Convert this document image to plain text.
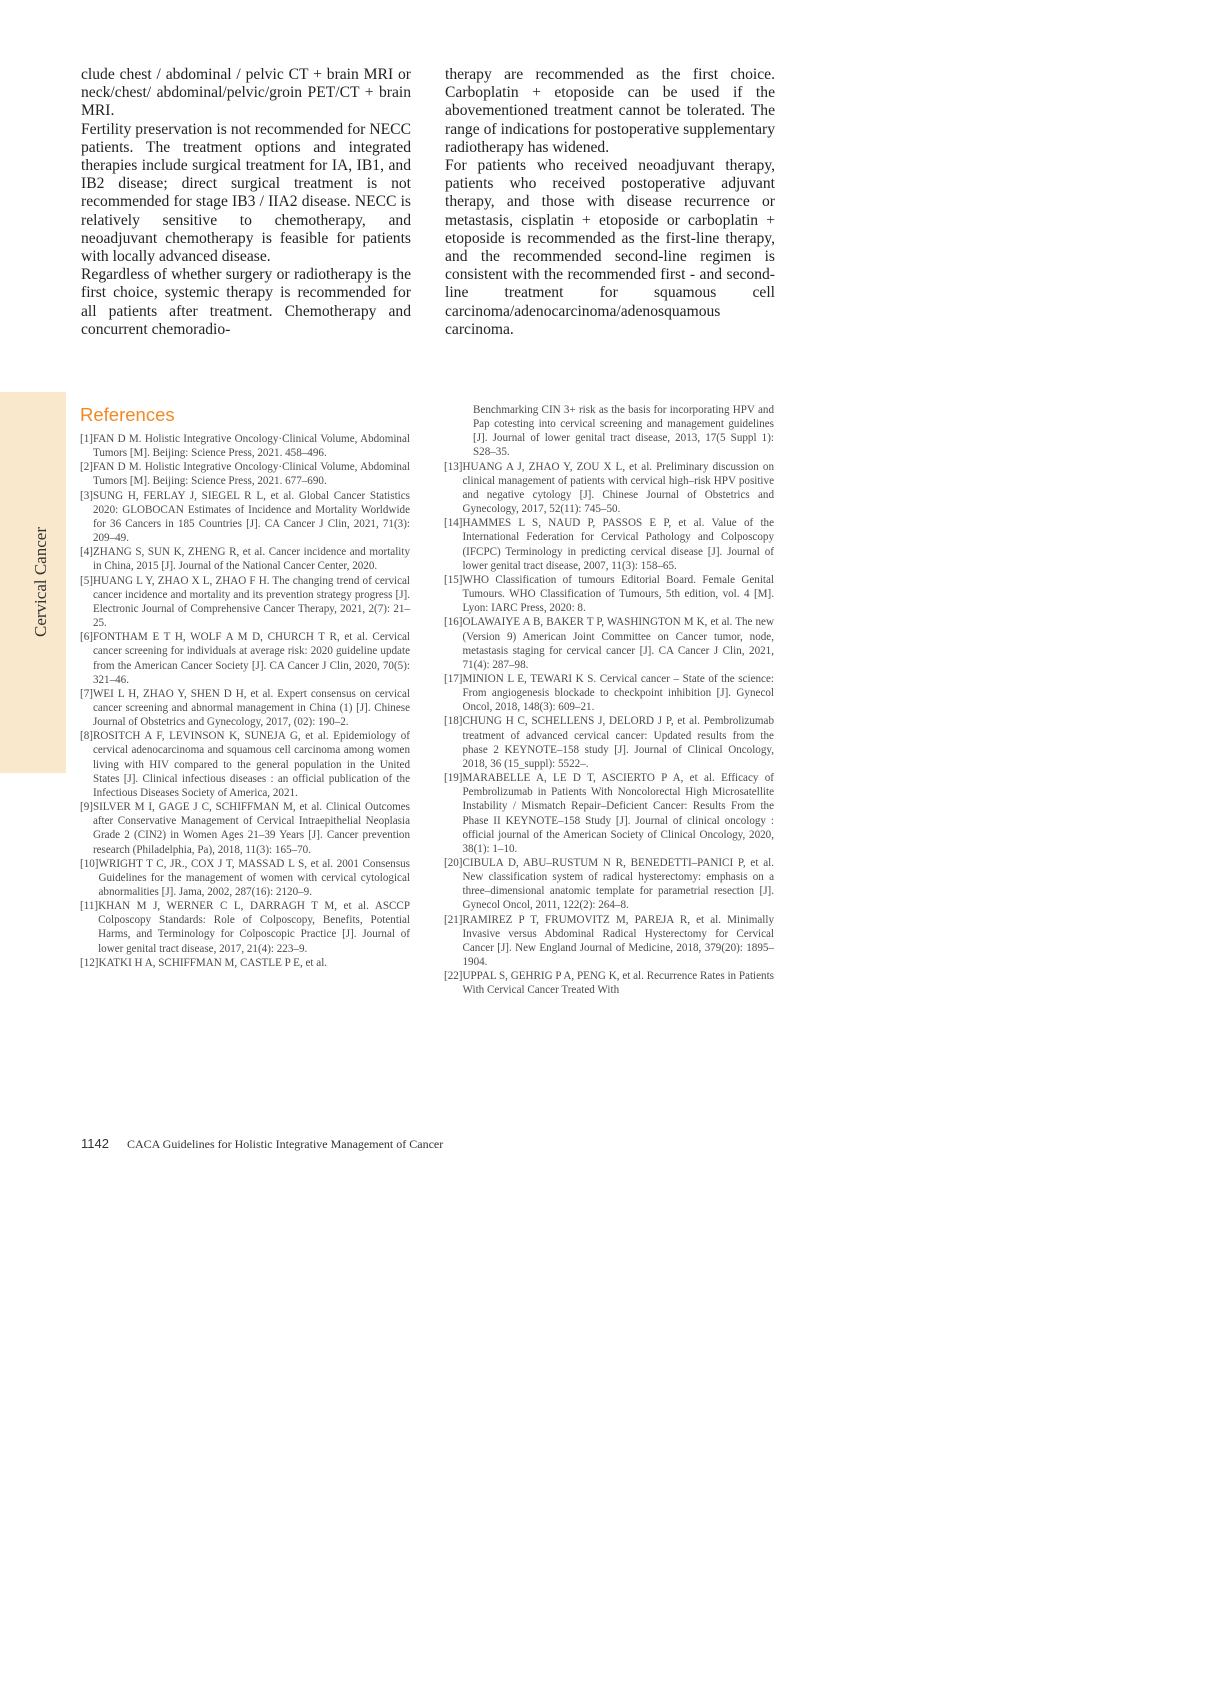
Cervical Cancer

clude chest / abdominal / pelvic CT + brain MRI or neck/chest/ abdominal/pelvic/groin PET/CT + brain MRI.

Fertility preservation is not recommended for NECC patients. The treatment options and integrated therapies include surgical treatment for IA, IB1, and IB2 disease; direct surgical treatment is not recommended for stage IB3 / IIA2 disease. NECC is relatively sensitive to chemotherapy, and neoadjuvant chemotherapy is feasible for patients with locally advanced disease.

Regardless of whether surgery or radiotherapy is the first choice, systemic therapy is recommended for all patients after treatment. Chemotherapy and concurrent chemoradio-

therapy are recommended as the first choice. Carboplatin + etoposide can be used if the abovementioned treatment cannot be tolerated. The range of indications for postoperative supplementary radiotherapy has widened.

For patients who received neoadjuvant therapy, patients who received postoperative adjuvant therapy, and those with disease recurrence or metastasis, cisplatin + etoposide or carboplatin + etoposide is recommended as the first-line therapy, and the recommended second-line regimen is consistent with the recommended first - and second-line treatment for squamous cell carcinoma/adenocarcinoma/adenosquamous carcinoma.

References
[1] FAN D M. Holistic Integrative Oncology·Clinical Volume, Abdominal Tumors [M]. Beijing: Science Press, 2021. 458–496.
[2] FAN D M. Holistic Integrative Oncology·Clinical Volume, Abdominal Tumors [M]. Beijing: Science Press, 2021. 677–690.
[3] SUNG H, FERLAY J, SIEGEL R L, et al. Global Cancer Statistics 2020: GLOBOCAN Estimates of Incidence and Mortality Worldwide for 36 Cancers in 185 Countries [J]. CA Cancer J Clin, 2021, 71(3): 209–49.
[4] ZHANG S, SUN K, ZHENG R, et al. Cancer incidence and mortality in China, 2015 [J]. Journal of the National Cancer Center, 2020.
[5] HUANG L Y, ZHAO X L, ZHAO F H. The changing trend of cervical cancer incidence and mortality and its prevention strategy progress [J]. Electronic Journal of Comprehensive Cancer Therapy, 2021, 2(7): 21–25.
[6] FONTHAM E T H, WOLF A M D, CHURCH T R, et al. Cervical cancer screening for individuals at average risk: 2020 guideline update from the American Cancer Society [J]. CA Cancer J Clin, 2020, 70(5): 321–46.
[7] WEI L H, ZHAO Y, SHEN D H, et al. Expert consensus on cervical cancer screening and abnormal management in China (1) [J]. Chinese Journal of Obstetrics and Gynecology, 2017, (02): 190–2.
[8] ROSITCH A F, LEVINSON K, SUNEJA G, et al. Epidemiology of cervical adenocarcinoma and squamous cell carcinoma among women living with HIV compared to the general population in the United States [J]. Clinical infectious diseases : an official publication of the Infectious Diseases Society of America, 2021.
[9] SILVER M I, GAGE J C, SCHIFFMAN M, et al. Clinical Outcomes after Conservative Management of Cervical Intraepithelial Neoplasia Grade 2 (CIN2) in Women Ages 21–39 Years [J]. Cancer prevention research (Philadelphia, Pa), 2018, 11(3): 165–70.
[10] WRIGHT T C, JR., COX J T, MASSAD L S, et al. 2001 Consensus Guidelines for the management of women with cervical cytological abnormalities [J]. Jama, 2002, 287(16): 2120–9.
[11] KHAN M J, WERNER C L, DARRAGH T M, et al. ASCCP Colposcopy Standards: Role of Colposcopy, Benefits, Potential Harms, and Terminology for Colposcopic Practice [J]. Journal of lower genital tract disease, 2017, 21(4): 223–9.
[12] KATKI H A, SCHIFFMAN M, CASTLE P E, et al.
Benchmarking CIN 3+ risk as the basis for incorporating HPV and Pap cotesting into cervical screening and management guidelines [J]. Journal of lower genital tract disease, 2013, 17(5 Suppl 1): S28–35.
[13] HUANG A J, ZHAO Y, ZOU X L, et al. Preliminary discussion on clinical management of patients with cervical high–risk HPV positive and negative cytology [J]. Chinese Journal of Obstetrics and Gynecology, 2017, 52(11): 745–50.
[14] HAMMES L S, NAUD P, PASSOS E P, et al. Value of the International Federation for Cervical Pathology and Colposcopy (IFCPC) Terminology in predicting cervical disease [J]. Journal of lower genital tract disease, 2007, 11(3): 158–65.
[15] WHO Classification of tumours Editorial Board. Female Genital Tumours. WHO Classification of Tumours, 5th edition, vol. 4 [M]. Lyon: IARC Press, 2020: 8.
[16] OLAWAIYE A B, BAKER T P, WASHINGTON M K, et al. The new (Version 9) American Joint Committee on Cancer tumor, node, metastasis staging for cervical cancer [J]. CA Cancer J Clin, 2021, 71(4): 287–98.
[17] MINION L E, TEWARI K S. Cervical cancer – State of the science: From angiogenesis blockade to checkpoint inhibition [J]. Gynecol Oncol, 2018, 148(3): 609–21.
[18] CHUNG H C, SCHELLENS J, DELORD J P, et al. Pembrolizumab treatment of advanced cervical cancer: Updated results from the phase 2 KEYNOTE–158 study [J]. Journal of Clinical Oncology, 2018, 36 (15_suppl): 5522–.
[19] MARABELLE A, LE D T, ASCIERTO P A, et al. Efficacy of Pembrolizumab in Patients With Noncolorectal High Microsatellite Instability / Mismatch Repair–Deficient Cancer: Results From the Phase II KEYNOTE–158 Study [J]. Journal of clinical oncology : official journal of the American Society of Clinical Oncology, 2020, 38(1): 1–10.
[20] CIBULA D, ABU–RUSTUM N R, BENEDETTI–PANICI P, et al. New classification system of radical hysterectomy: emphasis on a three–dimensional anatomic template for parametrial resection [J]. Gynecol Oncol, 2011, 122(2): 264–8.
[21] RAMIREZ P T, FRUMOVITZ M, PAREJA R, et al. Minimally Invasive versus Abdominal Radical Hysterectomy for Cervical Cancer [J]. New England Journal of Medicine, 2018, 379(20): 1895–1904.
[22] UPPAL S, GEHRIG P A, PENG K, et al. Recurrence Rates in Patients With Cervical Cancer Treated With
1142 CACA Guidelines for Holistic Integrative Management of Cancer
